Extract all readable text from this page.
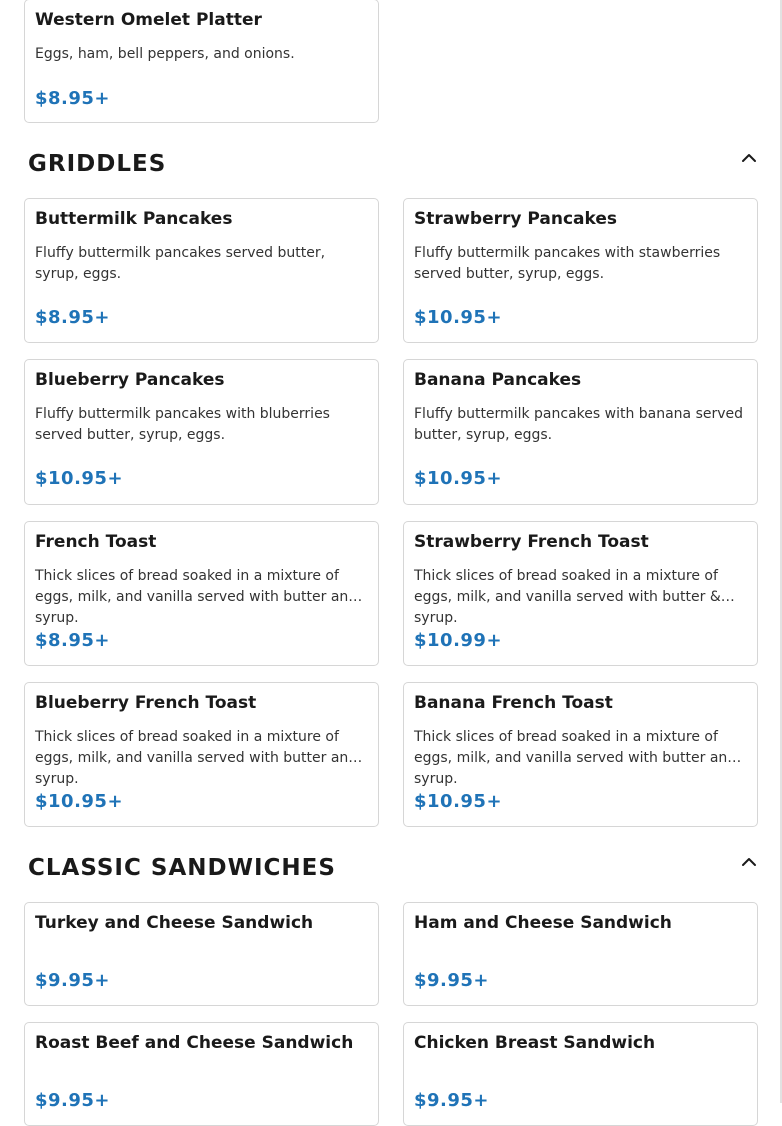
Western Omelet Platter
Eggs, ham, bell peppers, and onions.
$8.95+
GRIDDLES
Buttermilk Pancakes
Fluffy buttermilk pancakes served butter, syrup, eggs.
$8.95+
Strawberry Pancakes
Fluffy buttermilk pancakes with stawberries served butter, syrup, eggs.
$10.95+
Blueberry Pancakes
Fluffy buttermilk pancakes with bluberries served butter, syrup, eggs.
$10.95+
Banana Pancakes
Fluffy buttermilk pancakes with banana served butter, syrup, eggs.
$10.95+
French Toast
Thick slices of bread soaked in a mixture of eggs, milk, and vanilla served with butter and syrup.
$8.95+
Strawberry French Toast
Thick slices of bread soaked in a mixture of eggs, milk, and vanilla served with butter & syrup.
$10.99+
Blueberry French Toast
Thick slices of bread soaked in a mixture of eggs, milk, and vanilla served with butter and syrup.
$10.95+
Banana French Toast
Thick slices of bread soaked in a mixture of eggs, milk, and vanilla served with butter and syrup.
$10.95+
CLASSIC SANDWICHES
Turkey and Cheese Sandwich
$9.95+
Ham and Cheese Sandwich
$9.95+
Roast Beef and Cheese Sandwich
$9.95+
Chicken Breast Sandwich
$9.95+
